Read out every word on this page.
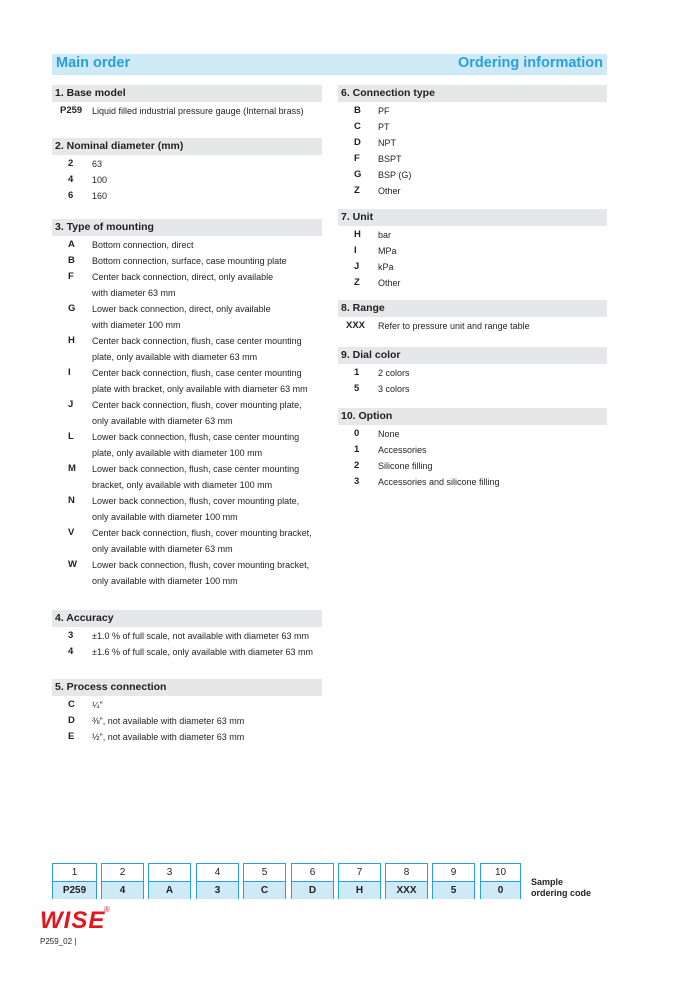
Main order	Ordering information
1. Base model
P259 Liquid filled industrial pressure gauge (Internal brass)
2. Nominal diameter (mm)
2 63
4 100
6 160
3. Type of mounting
A Bottom connection, direct
B Bottom connection, surface, case mounting plate
F Center back connection, direct, only available
with diameter 63 mm
G Lower back connection, direct, only available
with diameter 100 mm
H Center back connection, flush, case center mounting
plate, only available with diameter 63 mm
I Center back connection, flush, case center mounting
plate with bracket, only available with diameter 63 mm
J Center back connection, flush, cover mounting plate,
only available with diameter 63 mm
L Lower back connection, flush, case center mounting
plate, only available with diameter 100 mm
M Lower back connection, flush, case center mounting
bracket, only available with diameter 100 mm
N Lower back connection, flush, cover mounting plate,
only available with diameter 100 mm
V Center back connection, flush, cover mounting bracket,
only available with diameter 63 mm
W Lower back connection, flush, cover mounting bracket,
only available with diameter 100 mm
4. Accuracy
3 ±1.0 % of full scale, not available with diameter 63 mm
4 ±1.6 % of full scale, only available with diameter 63 mm
5. Process connection
C ¼"
D ⅜", not available with diameter 63 mm
E ½", not available with diameter 63 mm
6. Connection type
B PF
C PT
D NPT
F BSPT
G BSP (G)
Z Other
7. Unit
H bar
I MPa
J kPa
Z Other
8. Range
XXX Refer to pressure unit and range table
9. Dial color
1 2 colors
5 3 colors
10. Option
0 None
1 Accessories
2 Silicone filling
3 Accessories and silicone filling
1
P259
2
4
3
A
4
3
5
C
6
D
7
H
8
XXX
9
5
10
0
Sample
ordering code
WISE
®
P259_02 |
